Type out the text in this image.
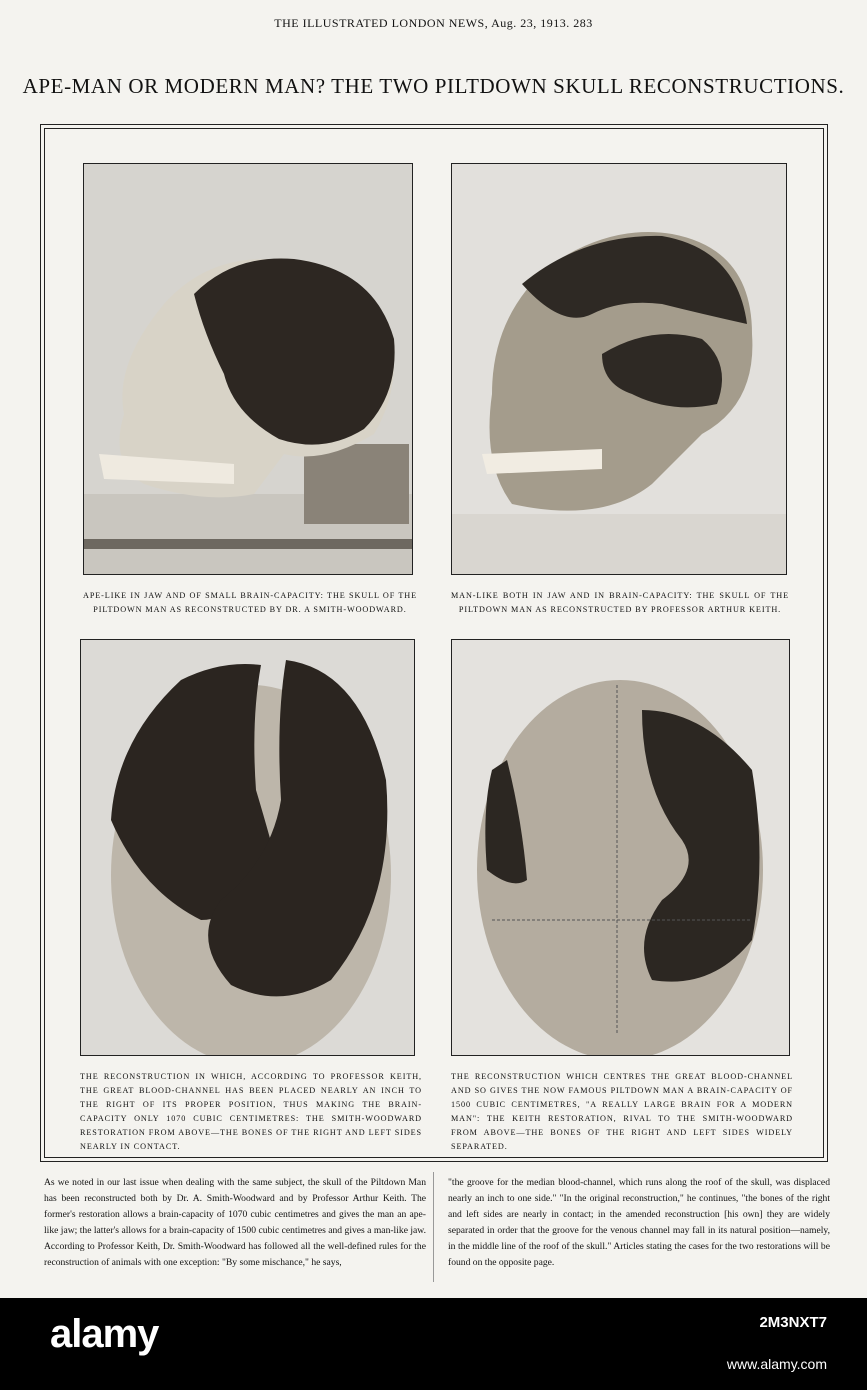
THE ILLUSTRATED LONDON NEWS, Aug. 23, 1913. 283
APE-MAN OR MODERN MAN? THE TWO PILTDOWN SKULL RECONSTRUCTIONS.
APE-LIKE IN JAW AND OF SMALL BRAIN-CAPACITY: THE SKULL OF THE PILTDOWN MAN AS RECONSTRUCTED BY DR. A SMITH-WOODWARD.
MAN-LIKE BOTH IN JAW AND IN BRAIN-CAPACITY: THE SKULL OF THE PILTDOWN MAN AS RECONSTRUCTED BY PROFESSOR ARTHUR KEITH.
THE RECONSTRUCTION IN WHICH, ACCORDING TO PROFESSOR KEITH, THE GREAT BLOOD-CHANNEL HAS BEEN PLACED NEARLY AN INCH TO THE RIGHT OF ITS PROPER POSITION, THUS MAKING THE BRAIN-CAPACITY ONLY 1070 CUBIC CENTIMETRES: THE SMITH-WOODWARD RESTORATION FROM ABOVE—THE BONES OF THE RIGHT AND LEFT SIDES NEARLY IN CONTACT.
THE RECONSTRUCTION WHICH CENTRES THE GREAT BLOOD-CHANNEL AND SO GIVES THE NOW FAMOUS PILTDOWN MAN A BRAIN-CAPACITY OF 1500 CUBIC CENTIMETRES, "A REALLY LARGE BRAIN FOR A MODERN MAN": THE KEITH RESTORATION, RIVAL TO THE SMITH-WOODWARD FROM ABOVE—THE BONES OF THE RIGHT AND LEFT SIDES WIDELY SEPARATED.
As we noted in our last issue when dealing with the same subject, the skull of the Piltdown Man has been reconstructed both by Dr. A. Smith-Woodward and by Professor Arthur Keith. The former's restoration allows a brain-capacity of 1070 cubic centimetres and gives the man an ape-like jaw; the latter's allows for a brain-capacity of 1500 cubic centimetres and gives a man-like jaw. According to Professor Keith, Dr. Smith-Woodward has followed all the well-defined rules for the reconstruction of animals with one exception: "By some mischance," he says,
"the groove for the median blood-channel, which runs along the roof of the skull, was displaced nearly an inch to one side." "In the original reconstruction," he continues, "the bones of the right and left sides are nearly in contact; in the amended reconstruction [his own] they are widely separated in order that the groove for the venous channel may fall in its natural position—namely, in the middle line of the roof of the skull." Articles stating the cases for the two restorations will be found on the opposite page.
alamy	2M3NXT7
www.alamy.com
